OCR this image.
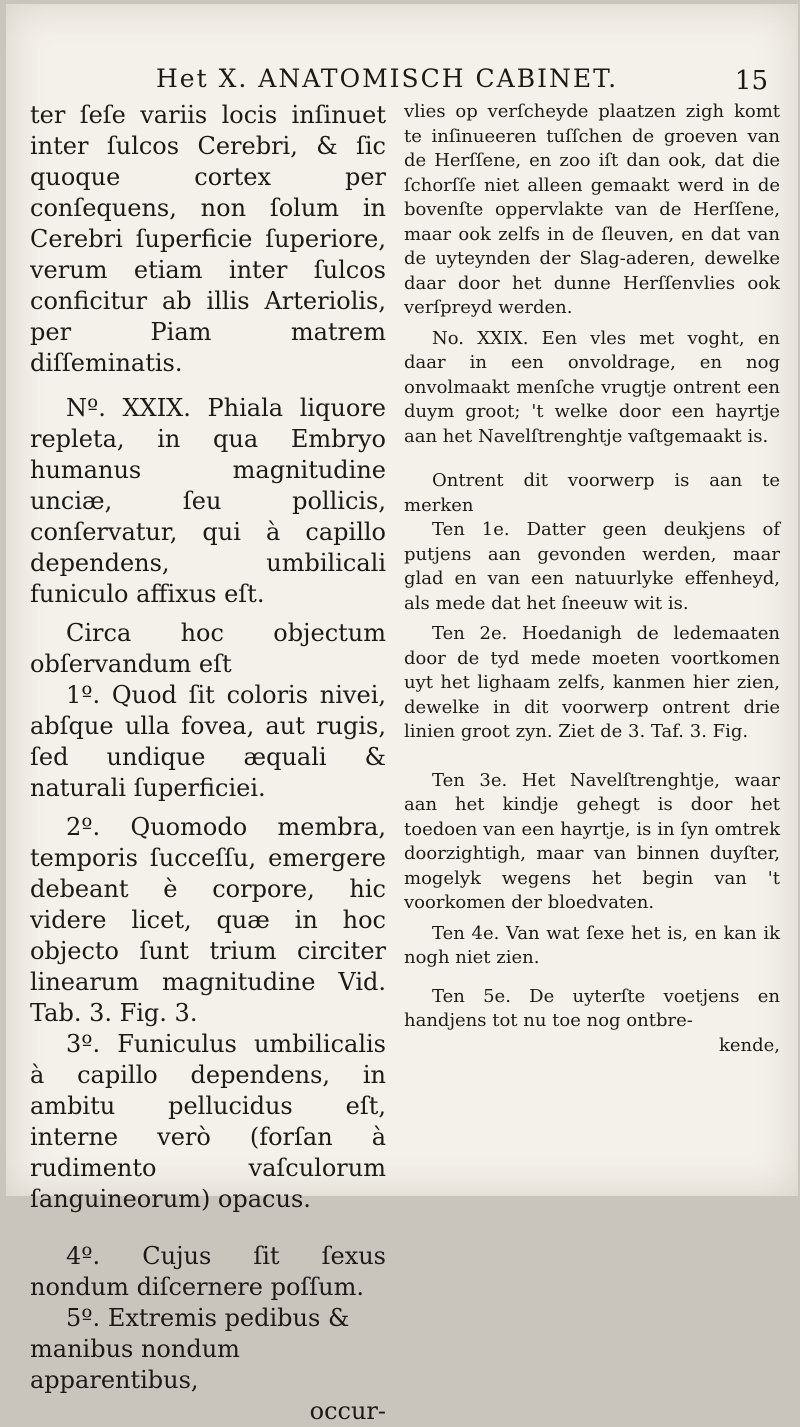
Het X. ANATOMISCH CABINET.	15

ter ſeſe variis locis inſinuet inter ſulcos Cerebri, & ſic quoque cortex per conſequens, non ſolum in Cerebri ſuperficie ſuperiore, verum etiam inter ſulcos conficitur ab illis Arteriolis, per Piam matrem diſſeminatis.

Nº. XXIX. Phiala liquore repleta, in qua Embryo humanus magnitudine unciæ, ſeu pollicis, conſervatur, qui à capillo dependens, umbilicali funiculo affixus eſt.

Circa hoc objectum obſervandum eſt

1º. Quod ſit coloris nivei, abſque ulla fovea, aut rugis, ſed undique æquali & naturali ſuperficiei.

2º. Quomodo membra, temporis ſucceſſu, emergere debeant è corpore, hic videre licet, quæ in hoc objecto ſunt trium circiter linearum magnitudine Vid. Tab. 3. Fig. 3.

3º. Funiculus umbilicalis à capillo dependens, in ambitu pellucidus eſt, interne verò (forſan à rudimento vaſculorum ſanguineorum) opacus.

4º. Cujus ſit ſexus nondum diſcernere poſſum.

5º. Extremis pedibus & manibus nondum apparentibus,

occur-

vlies op verſcheyde plaatzen zigh komt te inſinueeren tuſſchen de groeven van de Herſſene, en zoo iſt dan ook, dat die ſchorſſe niet alleen gemaakt werd in de bovenſte oppervlakte van de Herſſene, maar ook zelfs in de ſleuven, en dat van de uyteynden der Slag-aderen, dewelke daar door het dunne Herſſenvlies ook verſpreyd werden.

No. XXIX. Een vles met voght, en daar in een onvoldrage, en nog onvolmaakt menſche vrugtje ontrent een duym groot; 't welke door een hayrtje aan het Navelſtrenghtje vaſtgemaakt is.

Ontrent dit voorwerp is aan te merken

Ten 1e. Datter geen deukjens of putjens aan gevonden werden, maar glad en van een natuurlyke effenheyd, als mede dat het ſneeuw wit is.

Ten 2e. Hoedanigh de ledemaaten door de tyd mede moeten voortkomen uyt het lighaam zelfs, kanmen hier zien, dewelke in dit voorwerp ontrent drie linien groot zyn. Ziet de 3. Taf. 3. Fig.

Ten 3e. Het Navelſtrenghtje, waar aan het kindje gehegt is door het toedoen van een hayrtje, is in ſyn omtrek doorzightigh, maar van binnen duyſter, mogelyk wegens het begin van 't voorkomen der bloedvaten.

Ten 4e. Van wat ſexe het is, en kan ik nogh niet zien.

Ten 5e. De uyterſte voetjens en handjens tot nu toe nog ontbre-

kende,
